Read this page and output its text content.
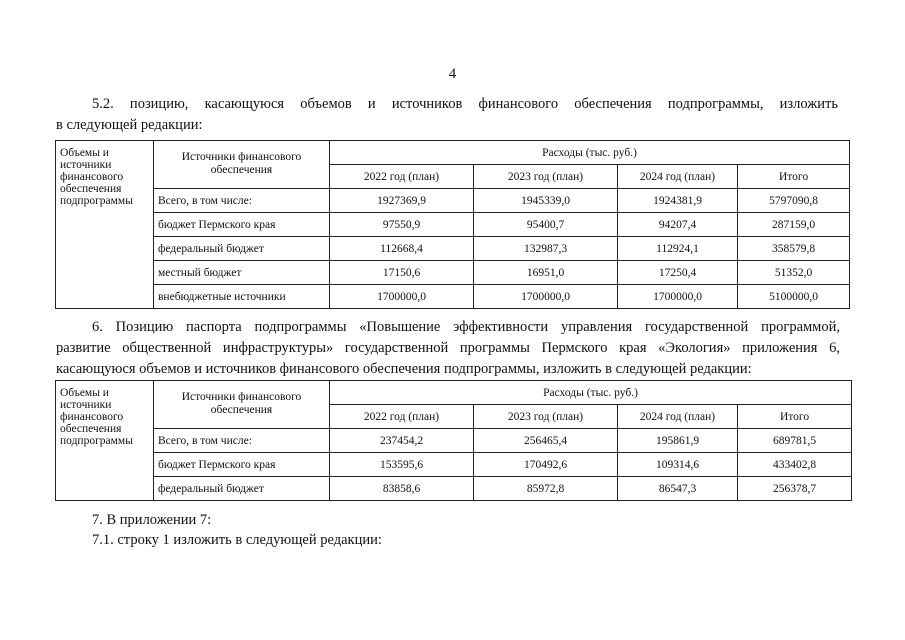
4
5.2. позицию, касающуюся объемов и источников финансового обеспечения подпрограммы, изложить
в следующей редакции:
Объемы и источники финансового обеспечения подпрограммы	Источники финансового обеспечения	Расходы (тыс. руб.)			
		2022 год (план)	2023 год (план)	2024 год (план)	Итого
	Всего, в том числе:	1927369,9	1945339,0	1924381,9	5797090,8
	бюджет Пермского края	97550,9	95400,7	94207,4	287159,0
	федеральный бюджет	112668,4	132987,3	112924,1	358579,8
	местный бюджет	17150,6	16951,0	17250,4	51352,0
	внебюджетные источники	1700000,0	1700000,0	1700000,0	5100000,0
6. Позицию паспорта подпрограммы «Повышение эффективности управления государственной программой,
развитие общественной инфраструктуры» государственной программы Пермского края «Экология» приложения 6,
касающуюся объемов и источников финансового обеспечения подпрограммы, изложить в следующей редакции:
Объемы и источники финансового обеспечения подпрограммы	Источники финансового обеспечения	Расходы (тыс. руб.)			
		2022 год (план)	2023 год (план)	2024 год (план)	Итого
	Всего, в том числе:	237454,2	256465,4	195861,9	689781,5
	бюджет Пермского края	153595,6	170492,6	109314,6	433402,8
	федеральный бюджет	83858,6	85972,8	86547,3	256378,7
7. В приложении 7:
7.1. строку 1 изложить в следующей редакции:
